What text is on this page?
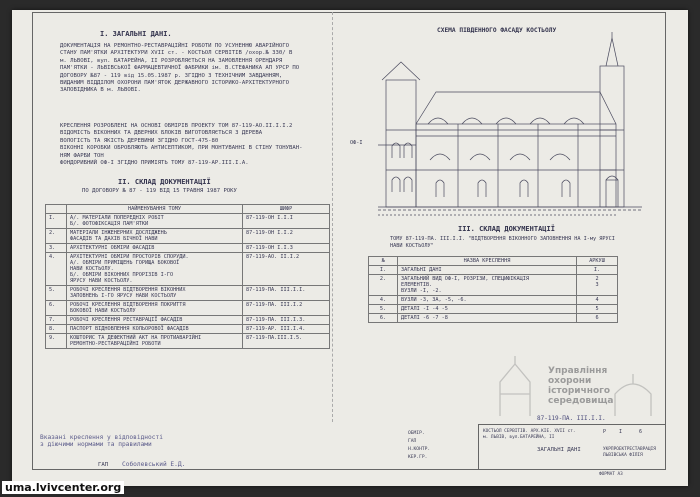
І. ЗАГАЛЬНІ ДАНІ.
ДОКУМЕНТАЦІЯ НА РЕМОНТНО-РЕСТАВРАЦІЙНІ РОБОТИ ПО УСУНЕННЮ АВАРІЙНОГО
СТАНУ ПАМ'ЯТКИ АРХІТЕКТУРИ XVII ст. - КОСТЬОЛ СЕРВІТІВ /охор.№ 330/ В
м. ЛЬВОВІ, вул. БАТАРЕЙНА, II РОЗРОБЛЯЄТЬСЯ НА ЗАМОВЛЕННЯ ОРЕНДАРЯ
ПАМ'ЯТКИ - ЛЬВІВСЬКОЇ ФАРМАЦЕВТИЧНОЇ ФАБРИКИ ім. В.СТЕФАНИКА АП УРСР ПО
ДОГОВОРУ №87 - 119 від 15.05.1987 р. ЗГІДНО З ТЕХНІЧНИМ ЗАВДАННЯМ,
ВИДАНИМ ВІДДІЛОМ ОХОРОНИ ПАМ'ЯТОК ДЕРЖАВНОГО ІСТОРИКО-АРХІТЕКТУРНОГО
ЗАПОВІДНИКА В м. ЛЬВОВІ.
КРЕСЛЕННЯ РОЗРОБЛЕНІ НА ОСНОВІ ОБМІРІВ ПРОЕКТУ ТОМ 87-119-АО.ІІ.І.І.2
ВІДОМІСТЬ ВІКОННИХ ТА ДВЕРНИХ БЛОКІВ ВИГОТОВЛЯЄТЬСЯ З ДЕРЕВА
ВОЛОГІСТЬ ТА ЯКІСТЬ ДЕРЕВИНИ ЗГІДНО ГОСТ-475-80
ВІКОННІ КОРОБКИ ОБРОБЛЯЮТЬ АНТИСЕПТИКОМ, ПРИ МОНТУВАННІ В СТІНУ ТОНУВАН-
НЯМ ФАРБИ ТОН
ФОНДОРИБНИЙ ОФ-І ЗГІДНО ПРИМІЯТЬ ТОМУ 87-119-АР.ІІІ.І.А.
ІІ. СКЛАД ДОКУМЕНТАЦІЇ
ПО ДОГОВОРУ № 87 - 119 ВІД 15 ТРАВНЯ 1987 РОКУ
	НАЙМЕНУВАННЯ ТОМУ	ШИФР
І.	А/. МАТЕРІАЛИ ПОПЕРЕДНІХ РОБІТ
Б/. ФОТОФІКСАЦІЯ ПАМ'ЯТКИ	87-119-ОН І.І.І
2.	МАТЕРІАЛИ ІНЖЕНЕРНИХ ДОСЛІДЖЕНЬ
ФАСАДІВ ТА ДАХІВ БІЧНОЇ НАВИ	87-119-ОН І.І.2
3.	АРХІТЕКТУРНІ ОБМІРИ ФАСАДІВ	87-119-ОН І.І.З
4.	АРХІТЕКТУРНІ ОБМІРИ ПРОСТОРІВ СПОРУДИ.
А/. ОБМІРИ ПРИМІЩЕНЬ ГОРИЩА БОКОВОЇ
НАВИ КОСТЬОЛУ.
Б/. ОБМІРИ ВІКОННИХ ПРОРІЗІВ І-ГО
ЯРУСУ НАВИ КОСТЬОЛУ.	87-119-АО. ІІ.І.2
5.	РОБОЧІ КРЕСЛЕННЯ ВІДТВОРЕННЯ ВІКОННИХ
ЗАПОВНЕНЬ І-ГО ЯРУСУ НАВИ КОСТЬОЛУ	87-119-ПА. ІІІ.І.І.
6.	РОБОЧІ КРЕСЛЕННЯ ВІДТВОРЕННЯ ПОКРИТТЯ
БОКОВОЇ НАВИ КОСТЬОЛУ	87-119-ПА. ІІІ.І.2
7.	РОБОЧІ КРЕСЛЕННЯ РЕСТАВРАЦІЇ ФАСАДІВ	87-119-ПА. ІІІ.І.3.
8.	ПАСПОРТ ВІДНОВЛЕННЯ КОЛЬОРОВОЇ ФАСАДІВ	87-119-АР. ІІІ.І.4.
9.	КОШТОРИС ТА ДЕФЕКТНИЙ АКТ НА ПРОТИАВАРІЙНІ
РЕМОНТНО-РЕСТАВРАЦІЙНІ РОБОТИ	87-119-ПА.ІІІ.І.5.
Вказані креслення у відповідності
з діючими нормами та правилами
ГАП Соболевський Е.Д.
СХЕМА ПІВДЕННОГО ФАСАДУ КОСТЬОЛУ
ОФ-І
ІІІ. СКЛАД ДОКУМЕНТАЦІЇ
ТОМУ 87-119-ПА. ІІІ.І.І. "ВІДТВОРЕННЯ ВІКОННОГО ЗАПОВНЕННЯ НА І-му ЯРУСІ
НАВИ КОСТЬОЛУ"
№	НАЗВА КРЕСЛЕННЯ	АРКУШ
І.	ЗАГАЛЬНІ ДАНІ	І.
2.	ЗАГАЛЬНИЙ ВИД ОФ-І, РОЗРІЗИ, СПЕЦИФІКАЦІЯ
ЕЛЕМЕНТІВ.
ВУЗЛИ -І, -2.	2
3
4.	ВУЗЛИ -3, 3А, -5, -6.	4
5.	ДЕТАЛІ -І -4 -5	5
6.	ДЕТАЛІ -6 -7 -8	6
Управління
охорони
історичного
середовища
87-119-ПА. ІІІ.І.І.
КОСТЬОЛ СЕРВІТІВ. АРХ.КІЕ. XVII ст.
м. ЛЬВІВ, вул.БАТАРЕЙНА, II
ЗАГАЛЬНІ ДАНІ
Р	І	6
УКРПРОЕКТРЕСТАВРАЦІЯ
ЛЬВІВСЬКА ФІЛІЯ
ФОРМАТ А3
ОБМІР.
ГАП
Н.КОНТР.
КЕР.ГР.
uma.lvivcenter.org
